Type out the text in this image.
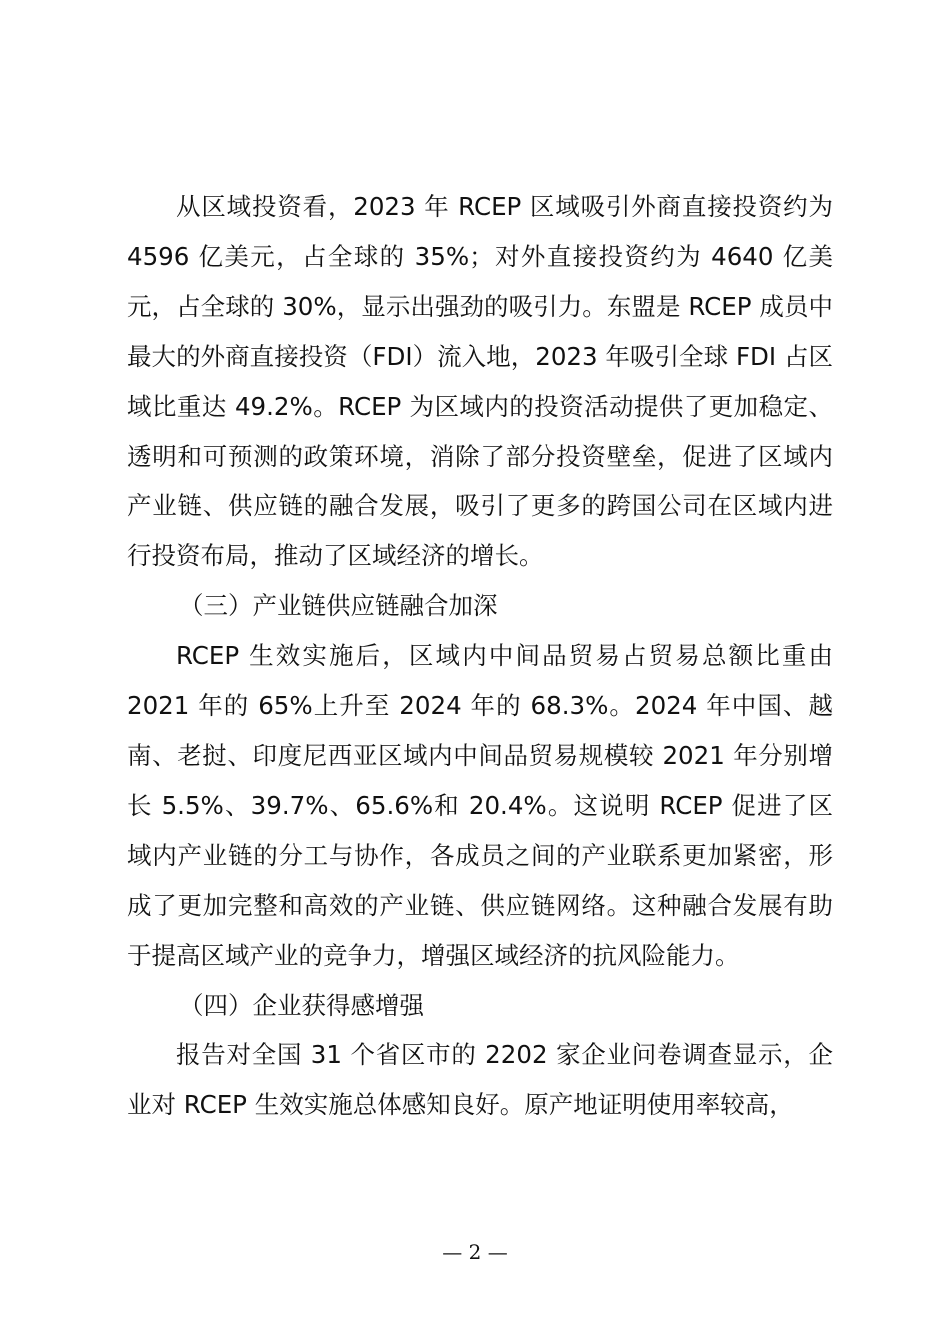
从区域投资看，2023 年 RCEP 区域吸引外商直接投资约为 4596 亿美元，占全球的 35%；对外直接投资约为 4640 亿美元，占全球的 30%，显示出强劲的吸引力。东盟是 RCEP 成员中最大的外商直接投资（FDI）流入地，2023 年吸引全球 FDI 占区域比重达 49.2%。RCEP 为区域内的投资活动提供了更加稳定、透明和可预测的政策环境，消除了部分投资壁垒，促进了区域内产业链、供应链的融合发展，吸引了更多的跨国公司在区域内进行投资布局，推动了区域经济的增长。

（三）产业链供应链融合加深

RCEP 生效实施后，区域内中间品贸易占贸易总额比重由 2021 年的 65%上升至 2024 年的 68.3%。2024 年中国、越南、老挝、印度尼西亚区域内中间品贸易规模较 2021 年分别增长 5.5%、39.7%、65.6%和 20.4%。这说明 RCEP 促进了区域内产业链的分工与协作，各成员之间的产业联系更加紧密，形成了更加完整和高效的产业链、供应链网络。这种融合发展有助于提高区域产业的竞争力，增强区域经济的抗风险能力。

（四）企业获得感增强

报告对全国 31 个省区市的 2202 家企业问卷调查显示，企业对 RCEP 生效实施总体感知良好。原产地证明使用率较高，

— 2 —
